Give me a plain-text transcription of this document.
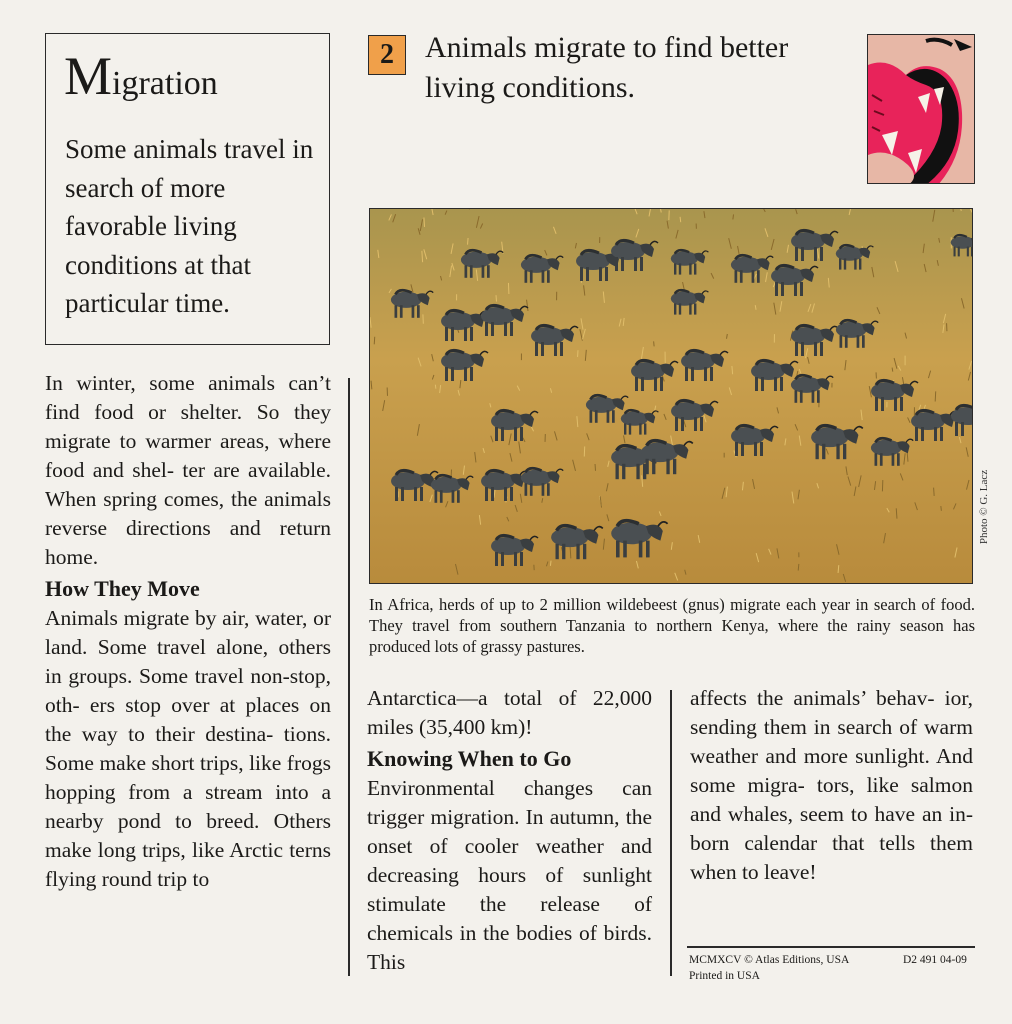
Migration
Some animals travel in search of more favorable living conditions at that particular time.
2	Animals migrate to find better living conditions.
Photo © G. Lacz
In Africa, herds of up to 2 million wildebeest (gnus) migrate each year in search of food. They travel from southern Tanzania to northern Kenya, where the rainy season has produced lots of grassy pastures.

In winter, some animals can’t find food or shelter. So they migrate to warmer areas, where food and shel- ter are available. When spring comes, the animals reverse directions and return home.

How They Move

Animals migrate by air, water, or land. Some travel alone, others in groups. Some travel non-stop, oth- ers stop over at places on the way to their destina- tions. Some make short trips, like frogs hopping from a stream into a nearby pond to breed. Others make long trips, like Arctic terns flying round trip to

Antarctica—a total of 22,000 miles (35,400 km)!

Knowing When to Go

Environmental changes can trigger migration. In autumn, the onset of cooler weather and decreasing hours of sunlight stimulate the release of chemicals in the bodies of birds. This

affects the animals’ behav- ior, sending them in search of warm weather and more sunlight. And some migra- tors, like salmon and whales, seem to have an in- born calendar that tells them when to leave!

MCMXCV © Atlas Editions, USA	D2 491 04-09
Printed in USA
